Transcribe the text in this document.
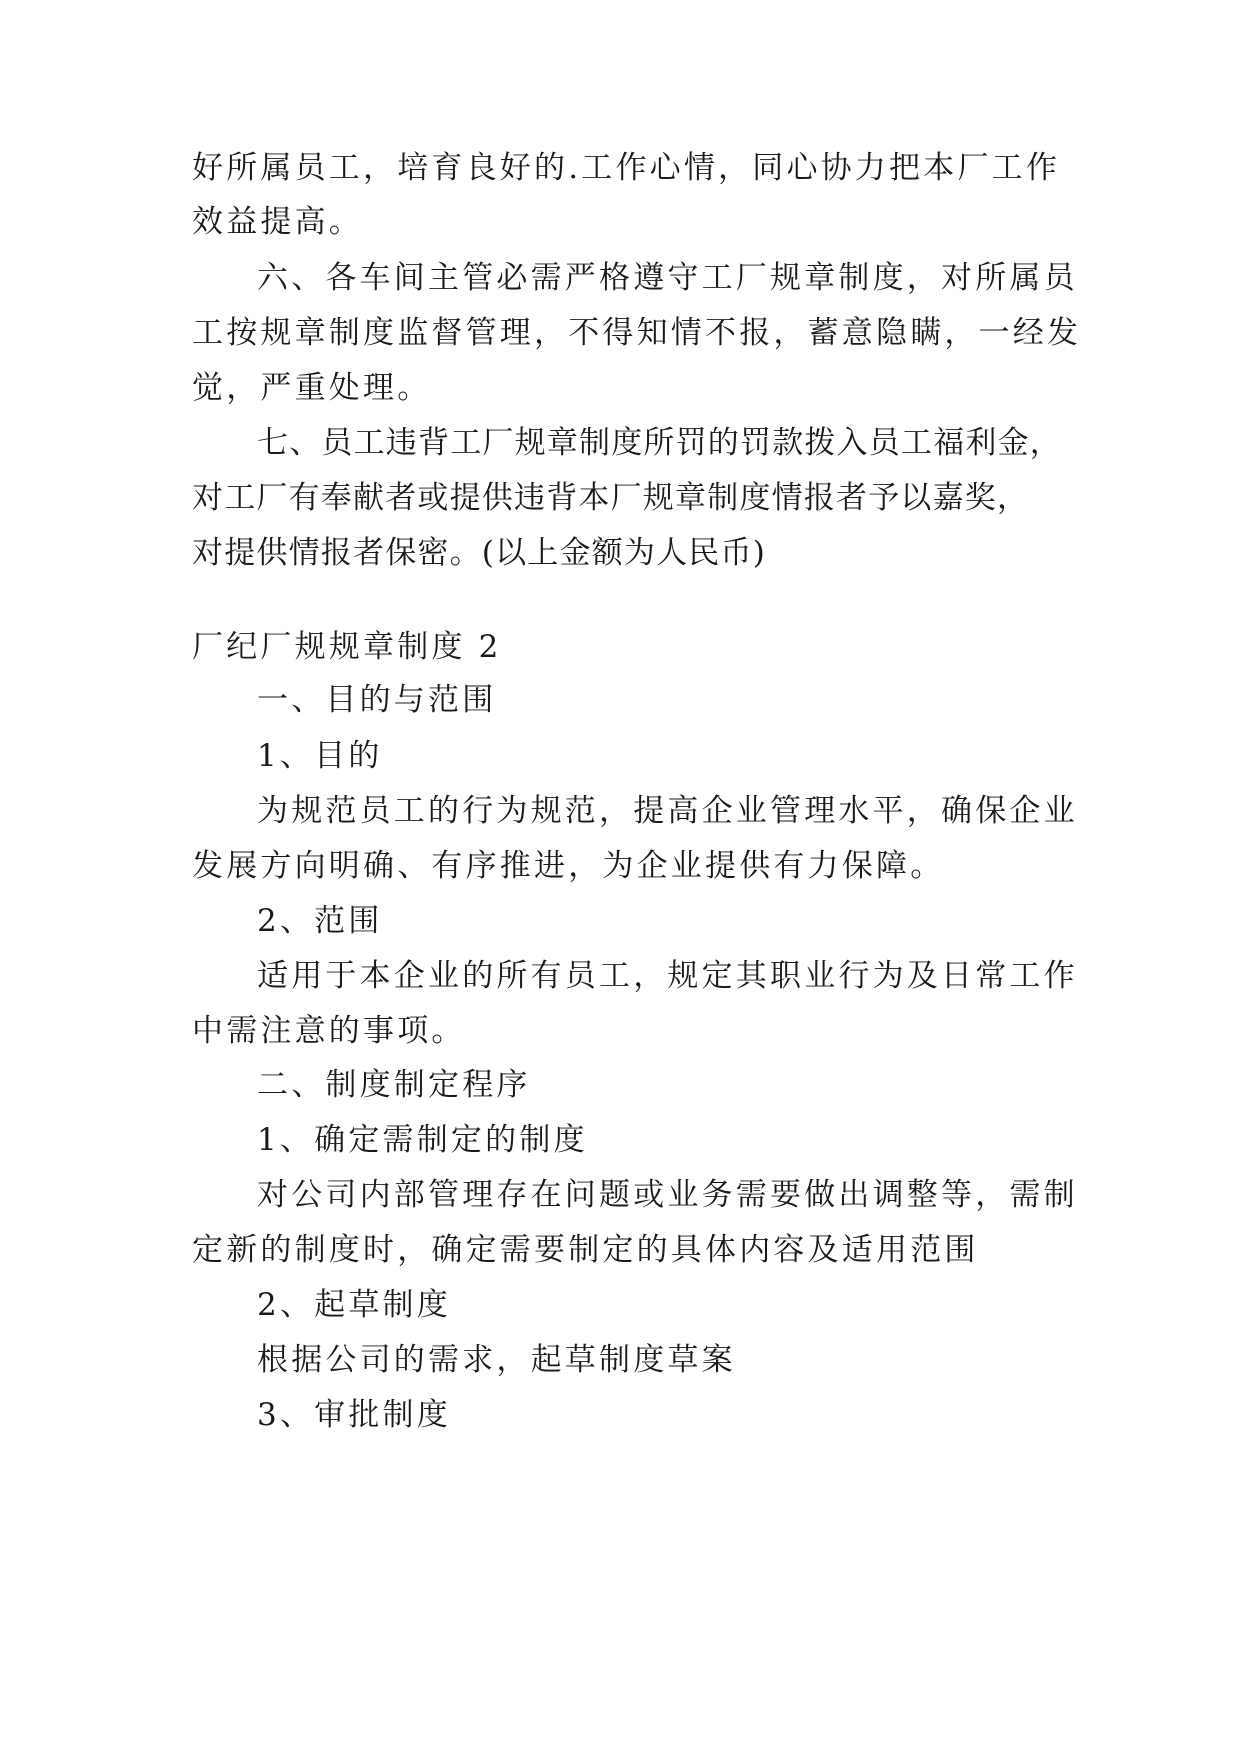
好所属员工，培育良好的.工作心情，同心协力把本厂工作
效益提高。
六、各车间主管必需严格遵守工厂规章制度，对所属员
工按规章制度监督管理，不得知情不报，蓄意隐瞒，一经发
觉，严重处理。
七、员工违背工厂规章制度所罚的罚款拨入员工福利金，
对工厂有奉献者或提供违背本厂规章制度情报者予以嘉奖，
对提供情报者保密。(以上金额为人民币)
厂纪厂规规章制度 2
一、目的与范围
1、目的
为规范员工的行为规范，提高企业管理水平，确保企业
发展方向明确、有序推进，为企业提供有力保障。
2、范围
适用于本企业的所有员工，规定其职业行为及日常工作
中需注意的事项。
二、制度制定程序
1、确定需制定的制度
对公司内部管理存在问题或业务需要做出调整等，需制
定新的制度时，确定需要制定的具体内容及适用范围
2、起草制度
根据公司的需求，起草制度草案
3、审批制度
